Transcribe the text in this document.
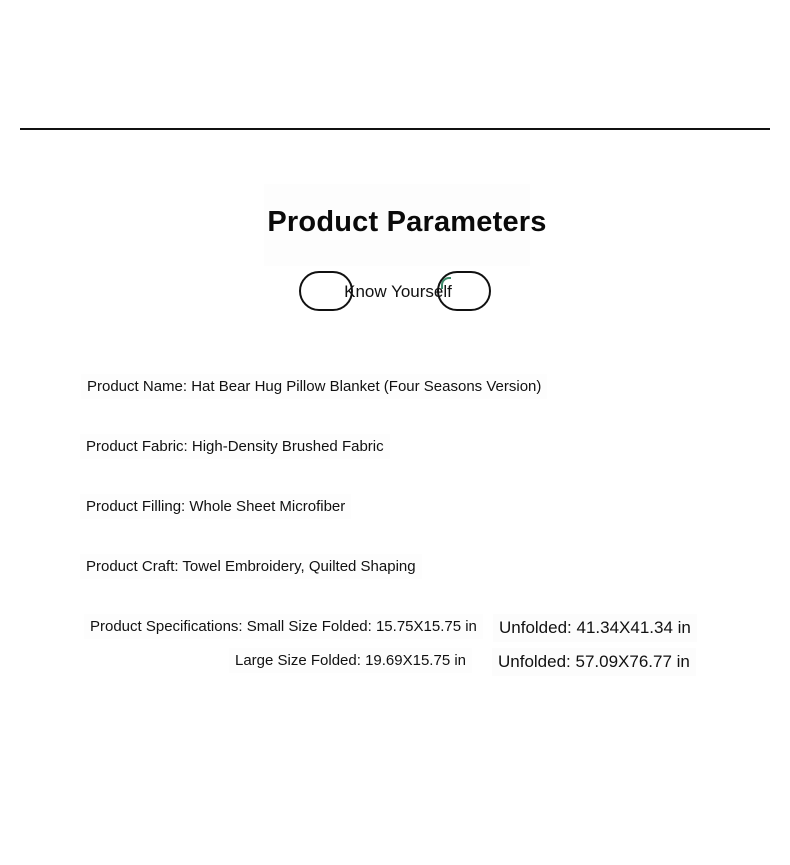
Product Parameters
Know Yourself
Product Name: Hat Bear Hug Pillow Blanket (Four Seasons Version)
Product Fabric: High-Density Brushed Fabric
Product Filling: Whole Sheet Microfiber
Product Craft: Towel Embroidery, Quilted Shaping
Product Specifications: Small Size Folded: 15.75X15.75 in	Unfolded: 41.34X41.34 in
Large Size Folded: 19.69X15.75 in	Unfolded: 57.09X76.77 in
